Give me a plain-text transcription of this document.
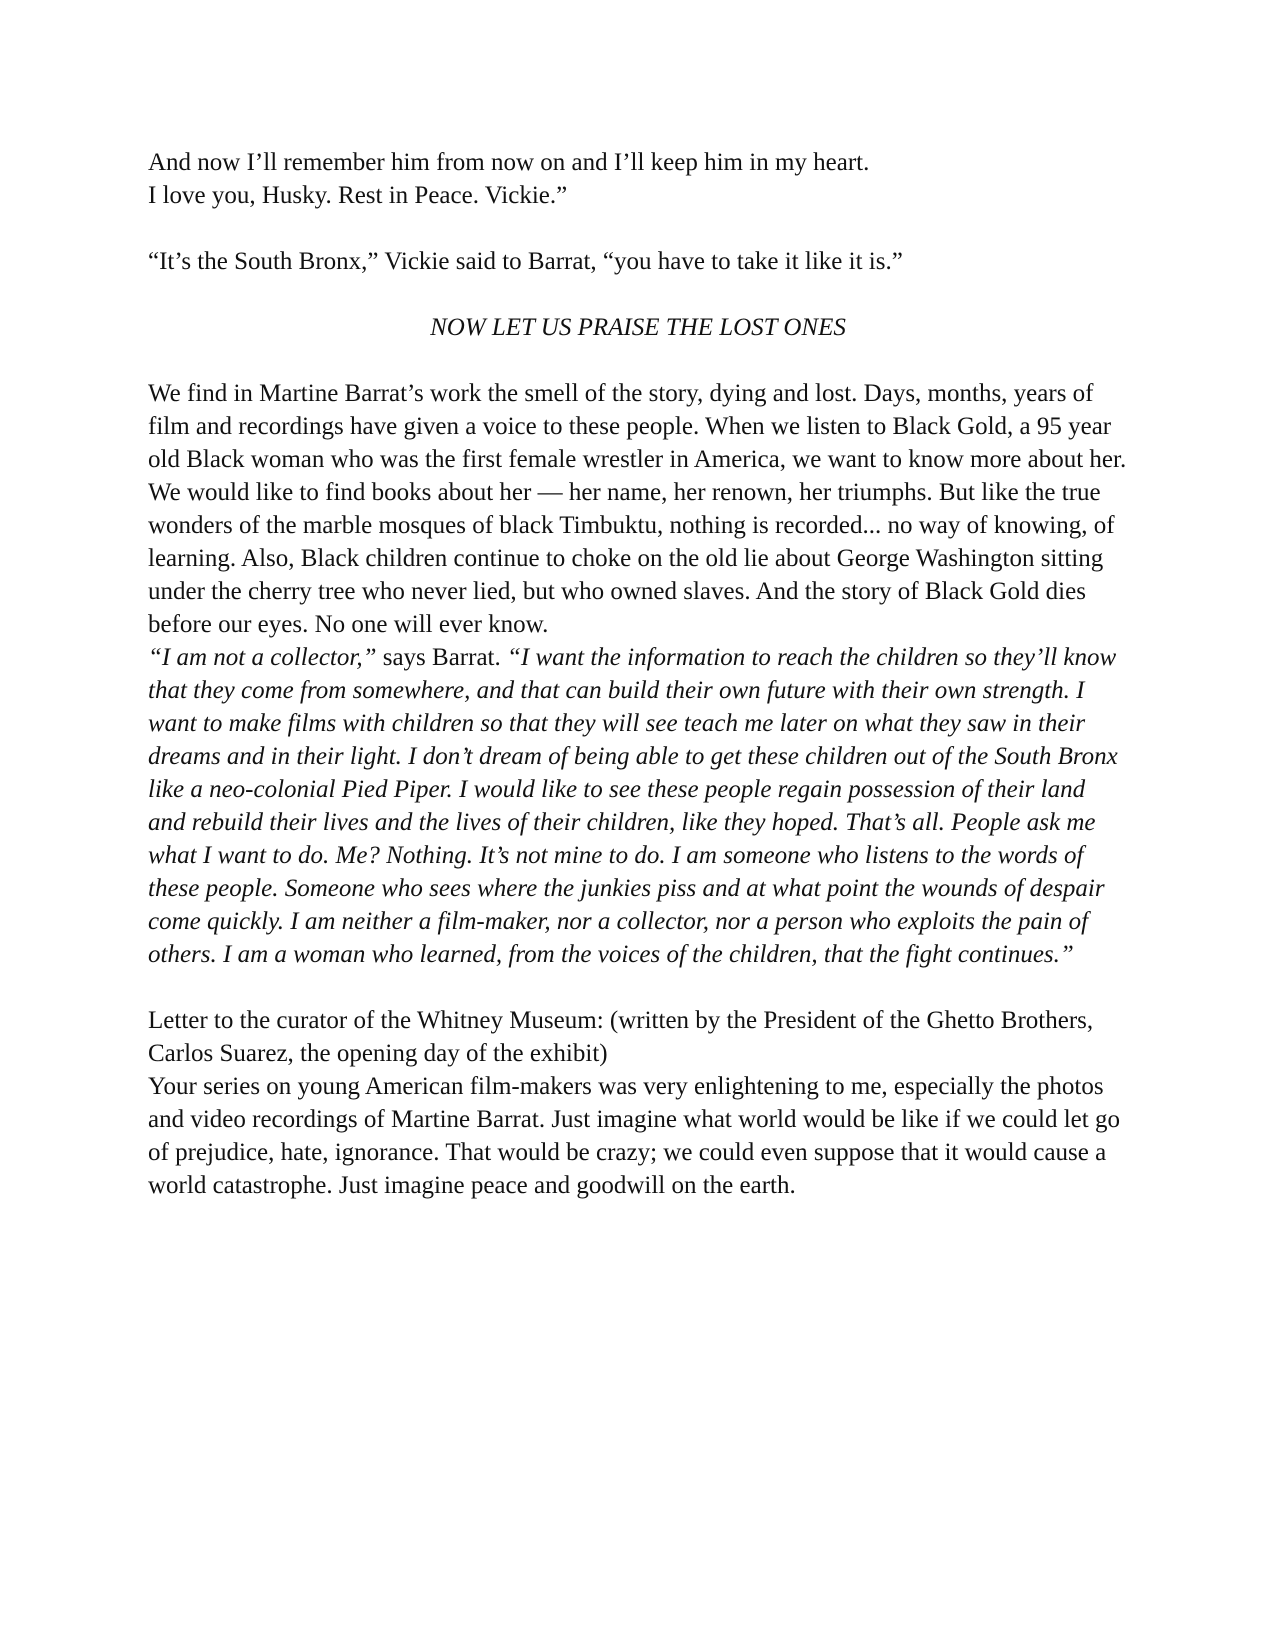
And now I’ll remember him from now on and I’ll keep him in my heart.

I love you, Husky. Rest in Peace. Vickie.”

“It’s the South Bronx,” Vickie said to Barrat, “you have to take it like it is.”

NOW LET US PRAISE THE LOST ONES

We find in Martine Barrat’s work the smell of the story, dying and lost. Days, months, years of film and recordings have given a voice to these people. When we listen to Black Gold, a 95 year old Black woman who was the first female wrestler in America, we want to know more about her. We would like to find books about her — her name, her renown, her triumphs. But like the true wonders of the marble mosques of black Timbuktu, nothing is recorded... no way of knowing, of learning. Also, Black children continue to choke on the old lie about George Washington sitting under the cherry tree who never lied, but who owned slaves. And the story of Black Gold dies before our eyes. No one will ever know.

“I am not a collector,” says Barrat. “I want the information to reach the children so they’ll know that they come from somewhere, and that can build their own future with their own strength. I want to make films with children so that they will see teach me later on what they saw in their dreams and in their light. I don’t dream of being able to get these children out of the South Bronx like a neo-colonial Pied Piper. I would like to see these people regain possession of their land and rebuild their lives and the lives of their children, like they hoped. That’s all. People ask me what I want to do. Me? Nothing. It’s not mine to do. I am someone who listens to the words of these people. Someone who sees where the junkies piss and at what point the wounds of despair come quickly. I am neither a film-maker, nor a collector, nor a person who exploits the pain of others. I am a woman who learned, from the voices of the children, that the fight continues.”

Letter to the curator of the Whitney Museum: (written by the President of the Ghetto Brothers, Carlos Suarez, the opening day of the exhibit)

Your series on young American film-makers was very enlightening to me, especially the photos and video recordings of Martine Barrat. Just imagine what world would be like if we could let go of prejudice, hate, ignorance. That would be crazy; we could even suppose that it would cause a world catastrophe. Just imagine peace and goodwill on the earth.
